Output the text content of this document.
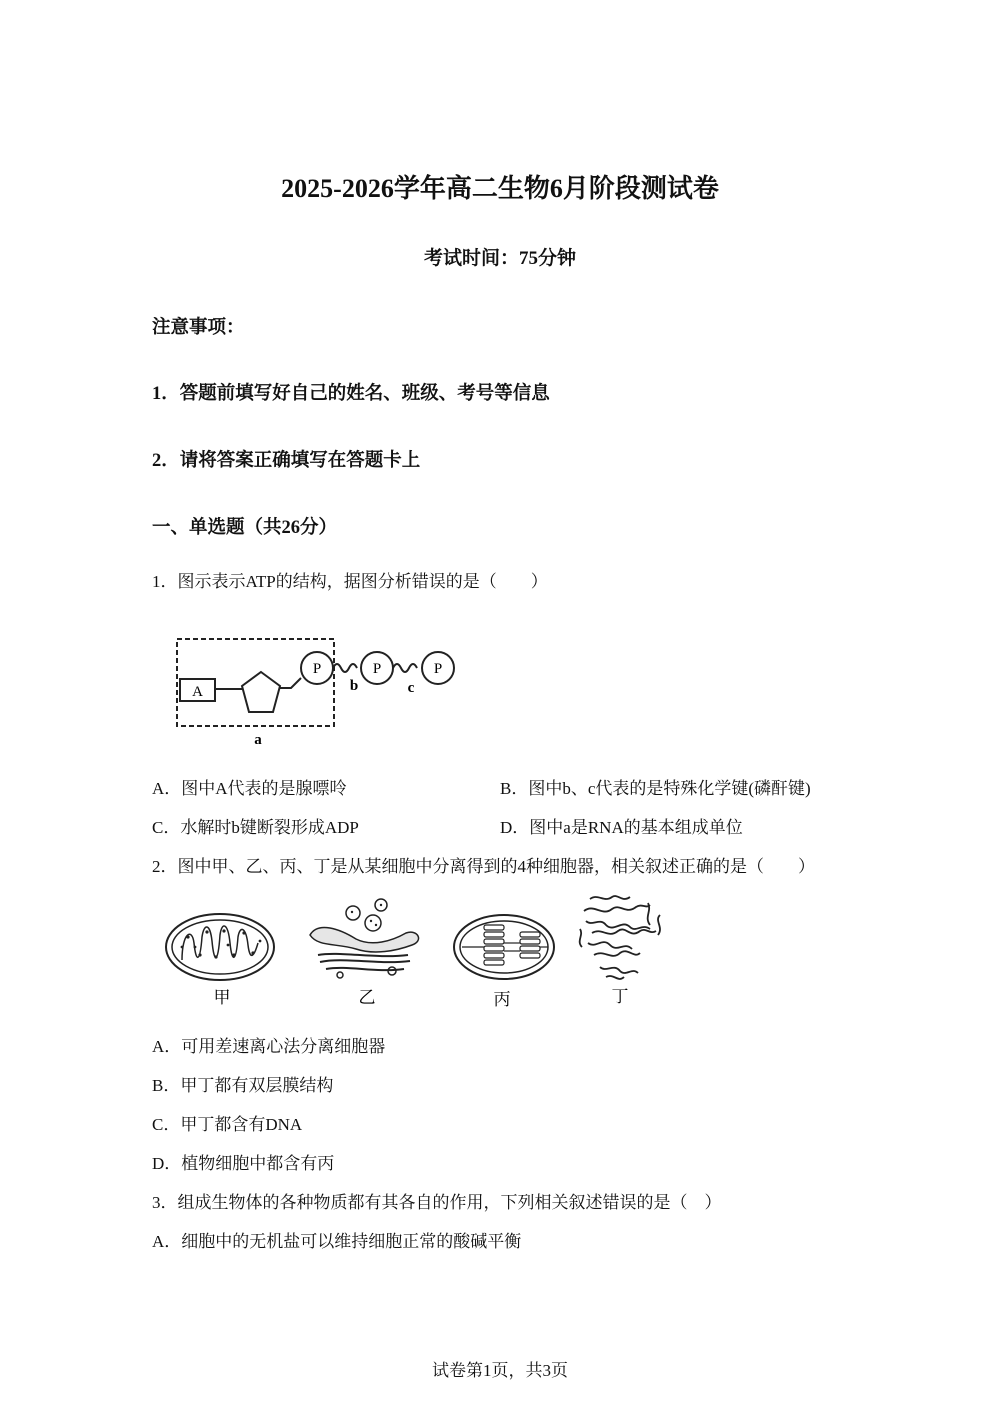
2025-2026学年高二生物6月阶段测试卷
考试时间：75分钟
注意事项：
1．答题前填写好自己的姓名、班级、考号等信息
2．请将答案正确填写在答题卡上
一、单选题（共26分）
1．图示表示ATP的结构，据图分析错误的是（　　）
A
P	P	P
b	c
a
A．图中A代表的是腺嘌呤	B．图中b、c代表的是特殊化学键(磷酐键)
C．水解时b键断裂形成ADP	D．图中a是RNA的基本组成单位
2．图中甲、乙、丙、丁是从某细胞中分离得到的4种细胞器，相关叙述正确的是（　　）
甲	乙	丙	丁
A．可用差速离心法分离细胞器
B．甲丁都有双层膜结构
C．甲丁都含有DNA
D．植物细胞中都含有丙
3．组成生物体的各种物质都有其各自的作用，下列相关叙述错误的是（　）
A．细胞中的无机盐可以维持细胞正常的酸碱平衡
试卷第1页，共3页
